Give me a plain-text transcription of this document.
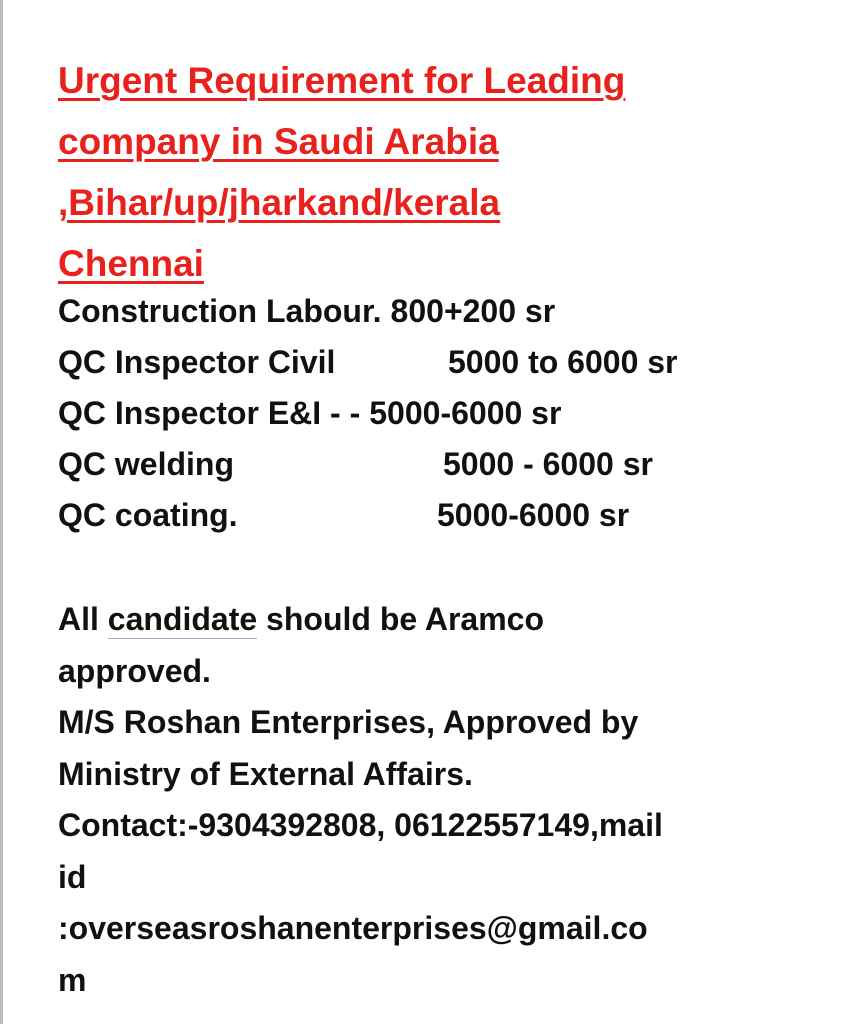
Urgent Requirement for Leading
company in Saudi Arabia
,Bihar/up/jharkand/kerala
Chennai
Construction Labour. 800+200 sr
QC Inspector Civil	5000 to 6000 sr
QC Inspector E&I - - 5000-6000 sr
QC welding	5000 - 6000 sr
QC coating.	5000-6000 sr
All candidate should be Aramco
approved.
M/S Roshan Enterprises, Approved by
Ministry of External Affairs.
Contact:-9304392808, 06122557149,mail
id
:overseasroshanenterprises@gmail.co
m
